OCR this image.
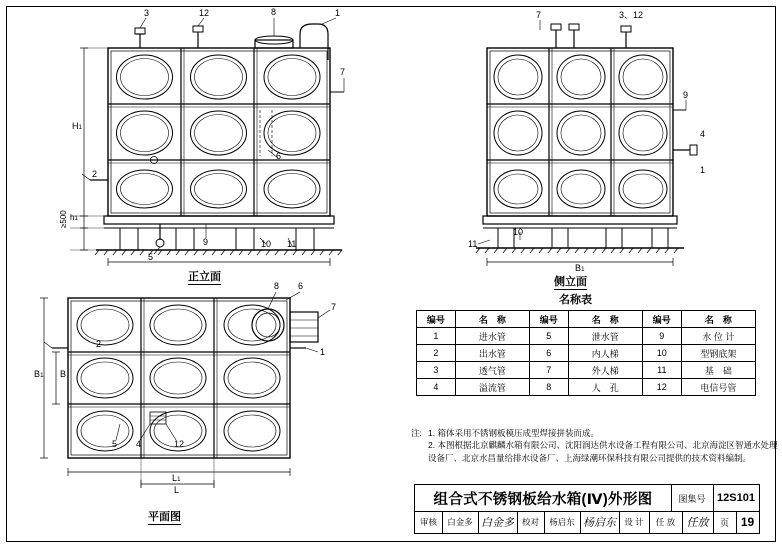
3	12	8	1
7
2
6
5
9	10 11
H1
h1
≥500
正立面
7	3、12
9
4
1
10
11
B1
侧立面
8 6
7
1
2
5 4	12
B1 B
L1
L
平面图
名称表
编号	名　称	编号	名　称	编号	名　称
1	进水管	5	泄水管	9	水 位 计
2	出水管	6	内人梯	10	型钢底架
3	透气管	7	外人梯	11	基　础
4	溢流管	8	人　孔	12	电信号管
注: 1. 箱体采用不锈钢板模压成型焊接拼装而成。
2. 本图根据北京麒麟水箱有限公司、沈阳润达供水设备工程有限公司、北京海淀区智通水处理设备厂、北京水昌量给排水设备厂、上海绿潮环保科技有限公司提供的技术资料编制。
组合式不锈钢板给水箱(Ⅳ)外形图	图集号	12S101
审核	白金多 白金多 校对	杨启东 杨启东 设 计	任 放	任放	页 19
